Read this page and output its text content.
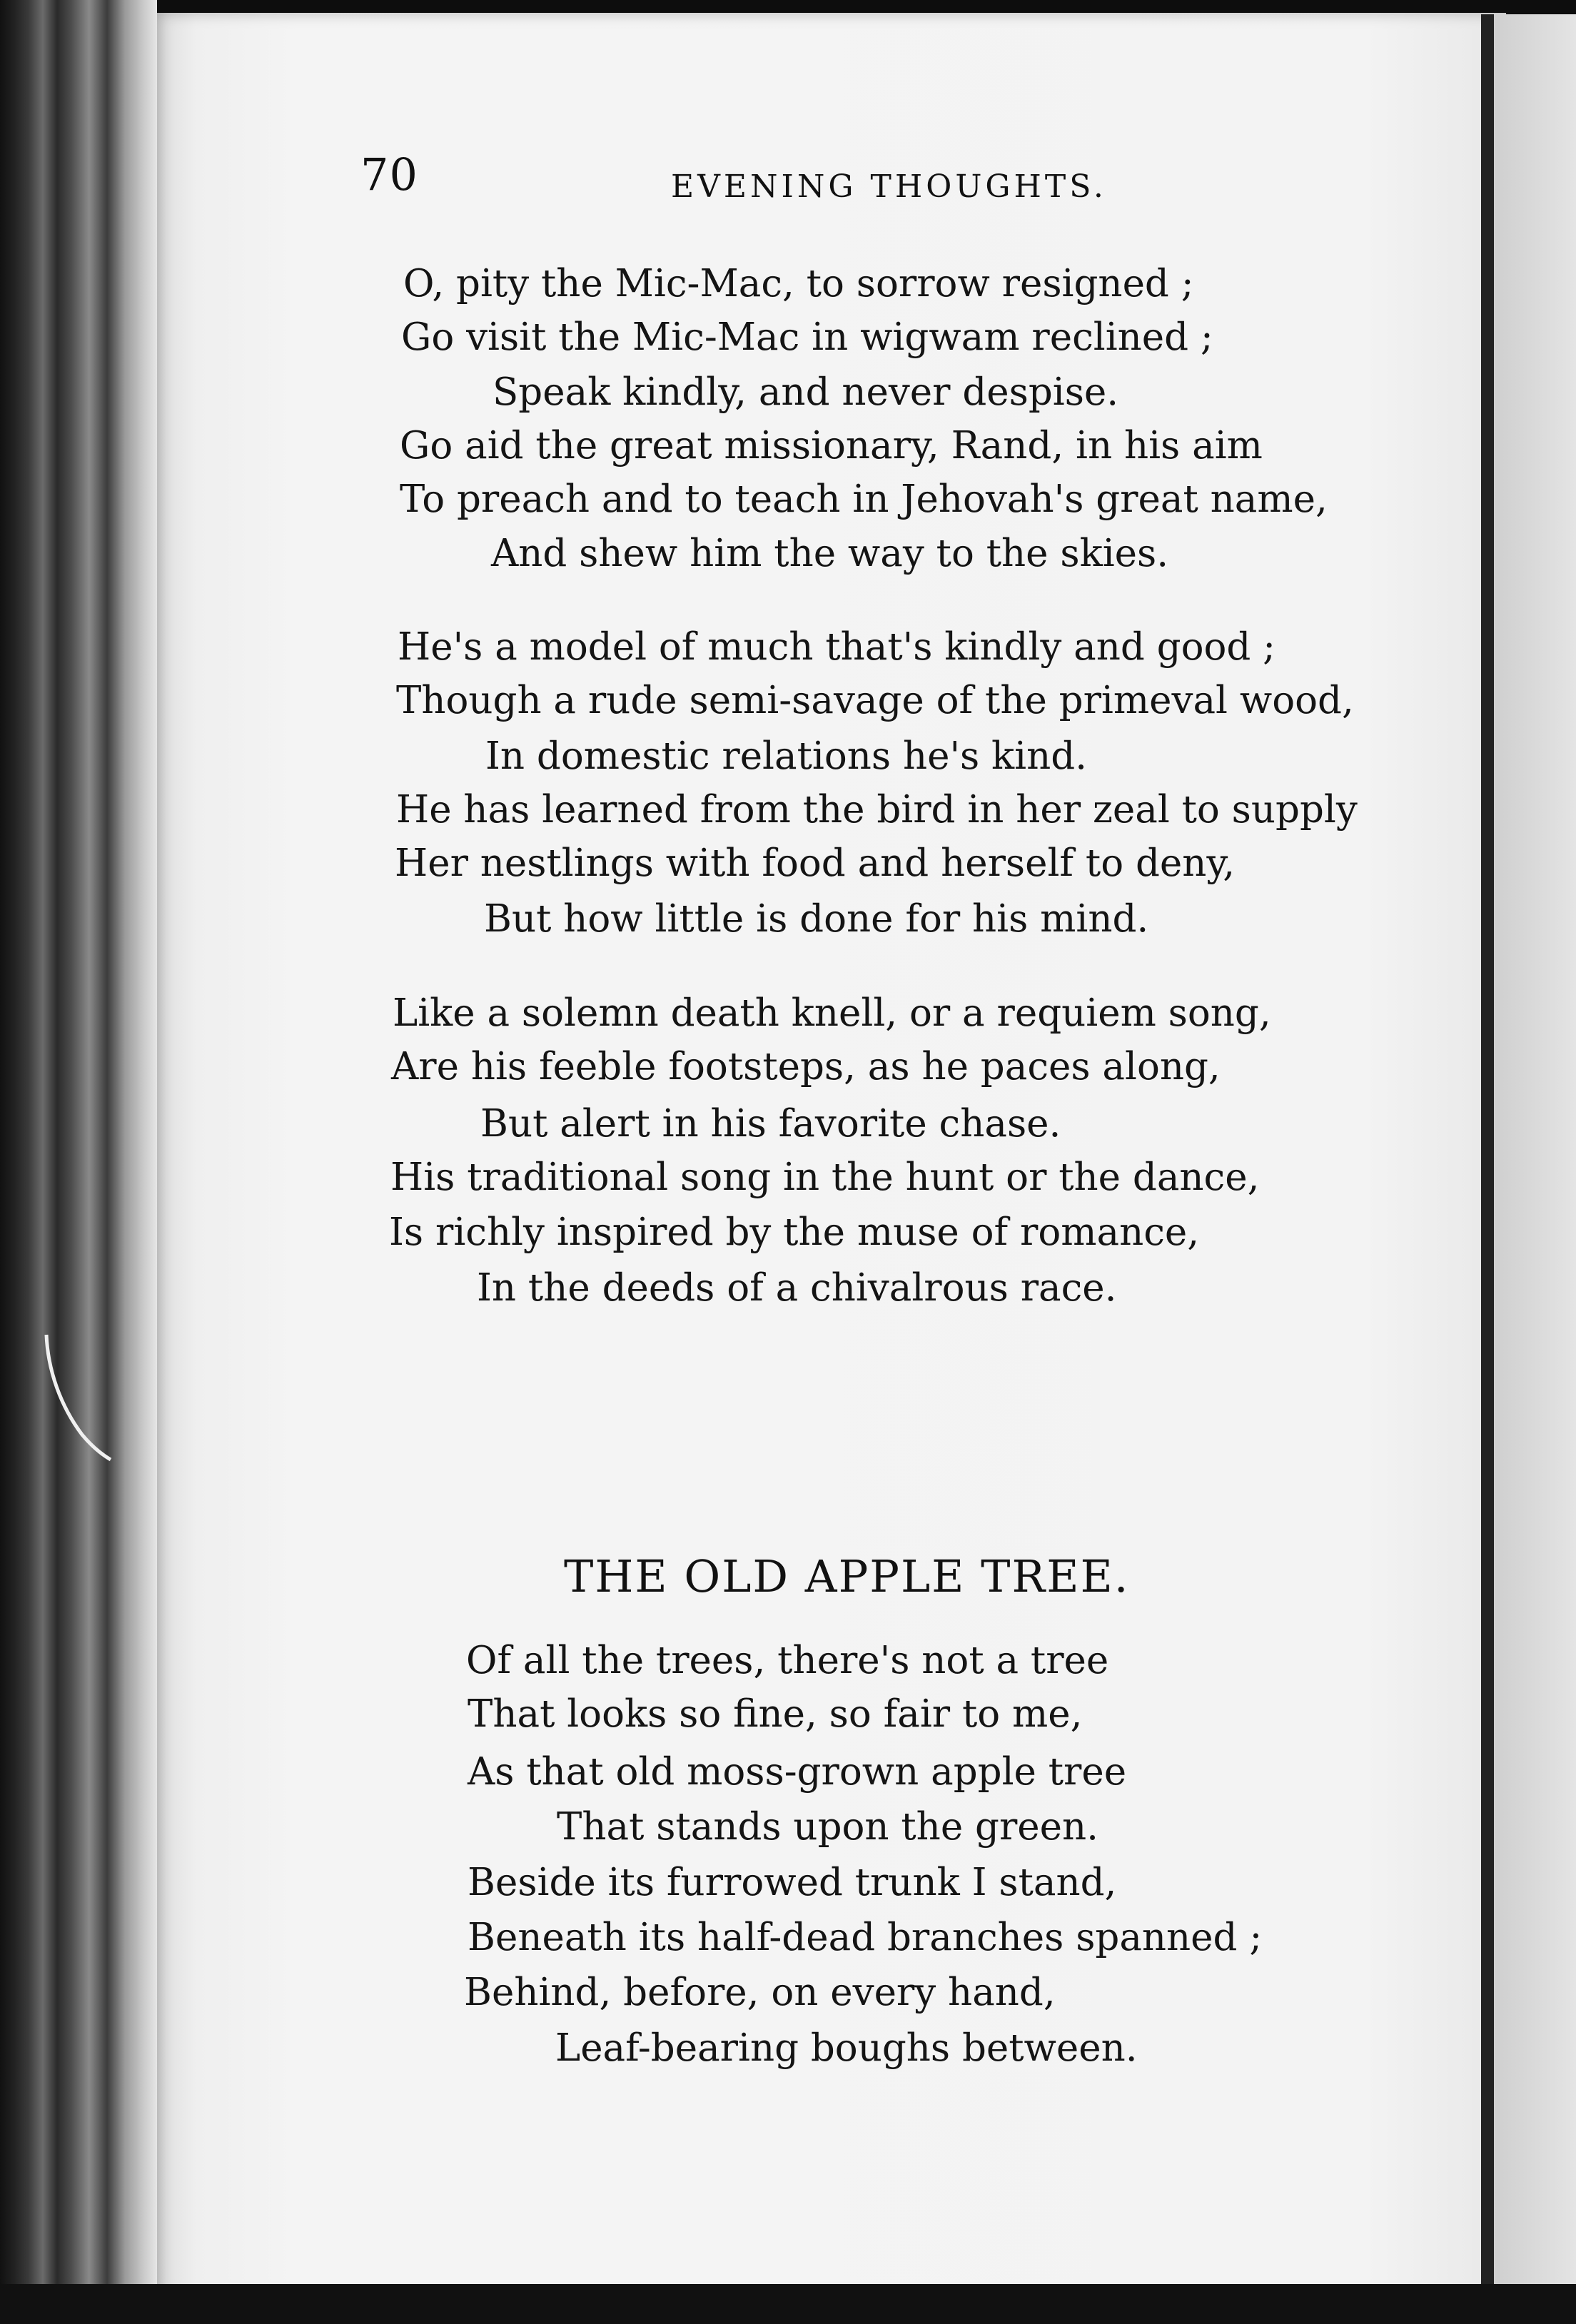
70	EVENING THOUGHTS.
O, pity the Mic-Mac, to sorrow resigned ;
Go visit the Mic-Mac in wigwam reclined ;
Speak kindly, and never despise.
Go aid the great missionary, Rand, in his aim
To preach and to teach in Jehovah's great name,
And shew him the way to the skies.
He's a model of much that's kindly and good ;
Though a rude semi-savage of the primeval wood,
In domestic relations he's kind.
He has learned from the bird in her zeal to supply
Her nestlings with food and herself to deny,
But how little is done for his mind.
Like a solemn death knell, or a requiem song,
Are his feeble footsteps, as he paces along,
But alert in his favorite chase.
His traditional song in the hunt or the dance,
Is richly inspired by the muse of romance,
In the deeds of a chivalrous race.
THE OLD APPLE TREE.
Of all the trees, there's not a tree
That looks so fine, so fair to me,
As that old moss-grown apple tree
That stands upon the green.
Beside its furrowed trunk I stand,
Beneath its half-dead branches spanned ;
Behind, before, on every hand,
Leaf-bearing boughs between.
